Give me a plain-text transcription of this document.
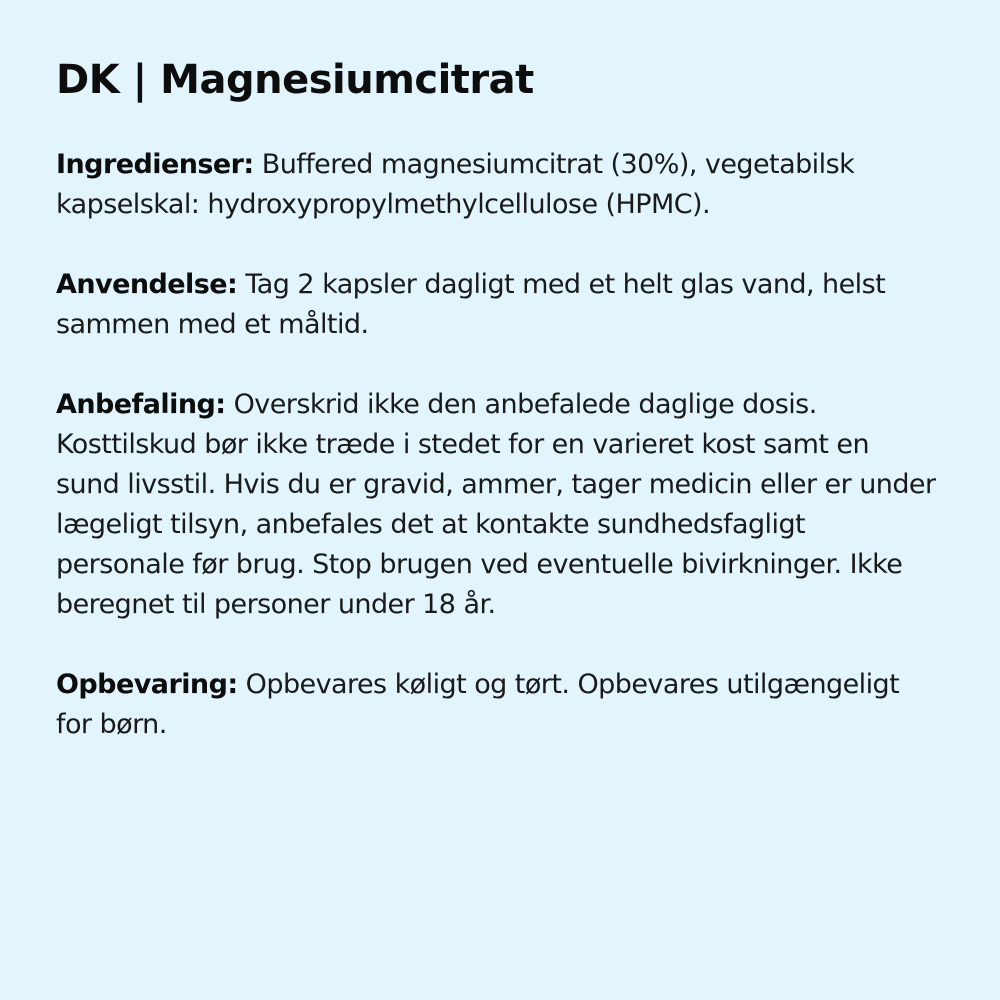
DK | Magnesiumcitrat

Ingredienser: Buffered magnesiumcitrat (30%), vegetabilsk kapselskal: hydroxypropylmethylcellulose (HPMC).

Anvendelse: Tag 2 kapsler dagligt med et helt glas vand, helst sammen med et måltid.

Anbefaling: Overskrid ikke den anbefalede daglige dosis. Kosttilskud bør ikke træde i stedet for en varieret kost samt en sund livsstil. Hvis du er gravid, ammer, tager medicin eller er under lægeligt tilsyn, anbefales det at kontakte sundhedsfagligt personale før brug. Stop brugen ved eventuelle bivirkninger. Ikke beregnet til personer under 18 år.

Opbevaring: Opbevares køligt og tørt. Opbevares utilgængeligt for børn.
